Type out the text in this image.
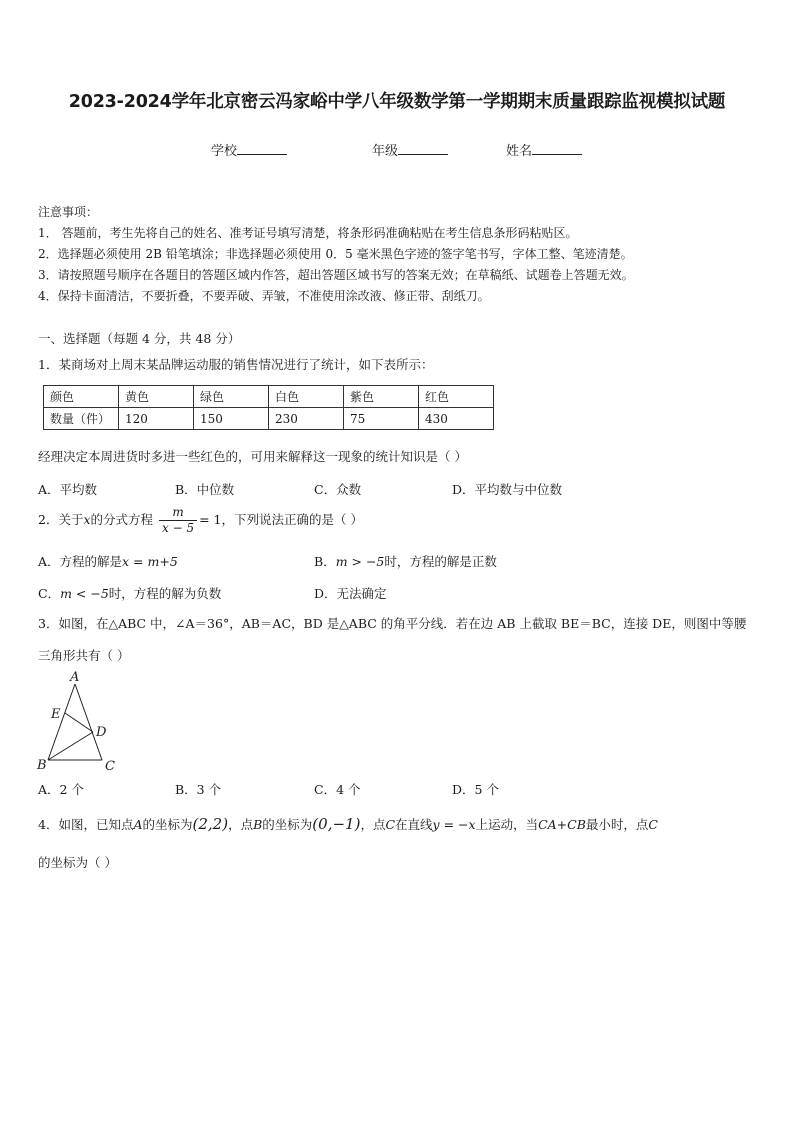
2023-2024学年北京密云冯家峪中学八年级数学第一学期期末质量跟踪监视模拟试题
学校	年级	姓名
注意事项：
1． 答题前，考生先将自己的姓名、准考证号填写清楚，将条形码准确粘贴在考生信息条形码粘贴区。
2．选择题必须使用 2B 铅笔填涂；非选择题必须使用 0．5 毫米黑色字迹的签字笔书写，字体工整、笔迹清楚。
3．请按照题号顺序在各题目的答题区域内作答，超出答题区域书写的答案无效；在草稿纸、试题卷上答题无效。
4．保持卡面清洁，不要折叠，不要弄破、弄皱，不准使用涂改液、修正带、刮纸刀。
一、选择题（每题 4 分，共 48 分）
1．某商场对上周末某品牌运动服的销售情况进行了统计，如下表所示：
颜色	黄色	绿色	白色	紫色	红色
数量（件）	120	150	230	75	430
经理决定本周进货时多进一些红色的，可用来解释这一现象的统计知识是（ ）
A．平均数	B．中位数	C．众数	D．平均数与中位数
2．关于x的分式方程 $\frac{m}{x - 5} = 1$，下列说法正确的是（ ）
A．方程的解是x = m+5	B．m > −5时，方程的解是正数
C．m < −5时，方程的解为负数	D．无法确定
3．如图，在△ABC 中，∠A＝36°，AB＝AC，BD 是△ABC 的角平分线．若在边 AB 上截取 BE＝BC，连接 DE，则图中等腰
三角形共有（ ）
A
E
D
B	C
A．2 个	B．3 个	C．4 个	D．5 个
4．如图，已知点A的坐标为(2,2)，点B的坐标为(0,−1)，点C在直线y = −x上运动，当CA+CB最小时，点C
的坐标为（ ）
